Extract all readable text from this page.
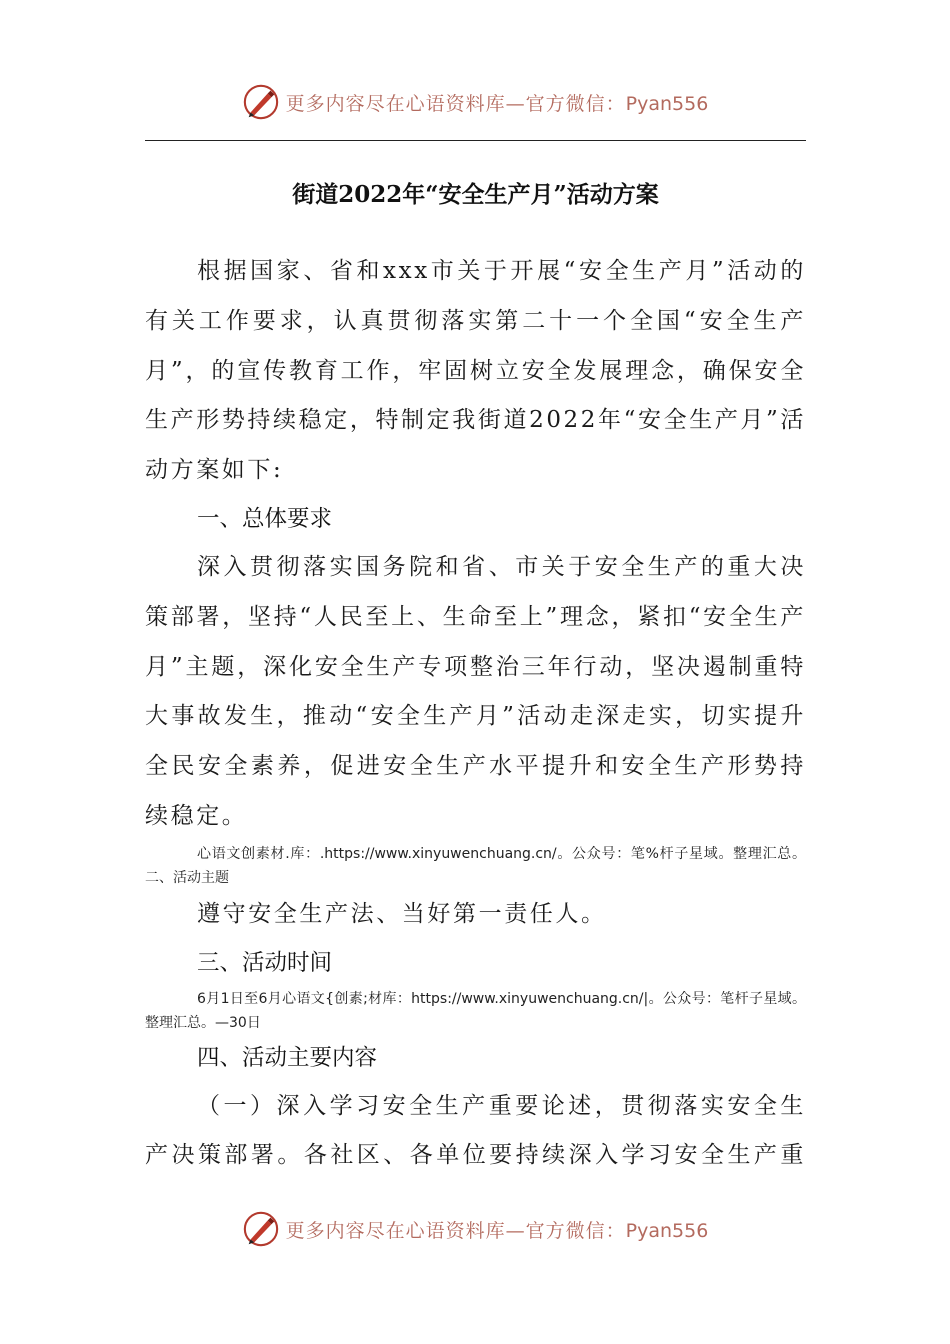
更多内容尽在心语资料库—官方微信：Pyan556
街道2022年“安全生产月”活动方案

根据国家、省和xxx市关于开展“安全生产月”活动的有关工作要求，认真贯彻落实第二十一个全国“安全生产月”，的宣传教育工作，牢固树立安全发展理念，确保安全生产形势持续稳定，特制定我街道2022年“安全生产月”活动方案如下:

一、总体要求

深入贯彻落实国务院和省、市关于安全生产的重大决策部署，坚持“人民至上、生命至上”理念，紧扣“安全生产月”主题，深化安全生产专项整治三年行动，坚决遏制重特大事故发生，推动“安全生产月”活动走深走实，切实提升全民安全素养，促进安全生产水平提升和安全生产形势持续稳定。

心语文创素材.库：.https://www.xinyuwenchuang.cn/。公众号：笔%杆子星域。整理汇总。二、活动主题

遵守安全生产法、当好第一责任人。

三、活动时间

6月1日至6月心语文{创素;材库：https://www.xinyuwenchuang.cn/|。公众号：笔杆子星域。整理汇总。—30日

四、活动主要内容

（一）深入学习安全生产重要论述，贯彻落实安全生产决策部署。各社区、各单位要持续深入学习安全生产重

更多内容尽在心语资料库—官方微信：Pyan556
